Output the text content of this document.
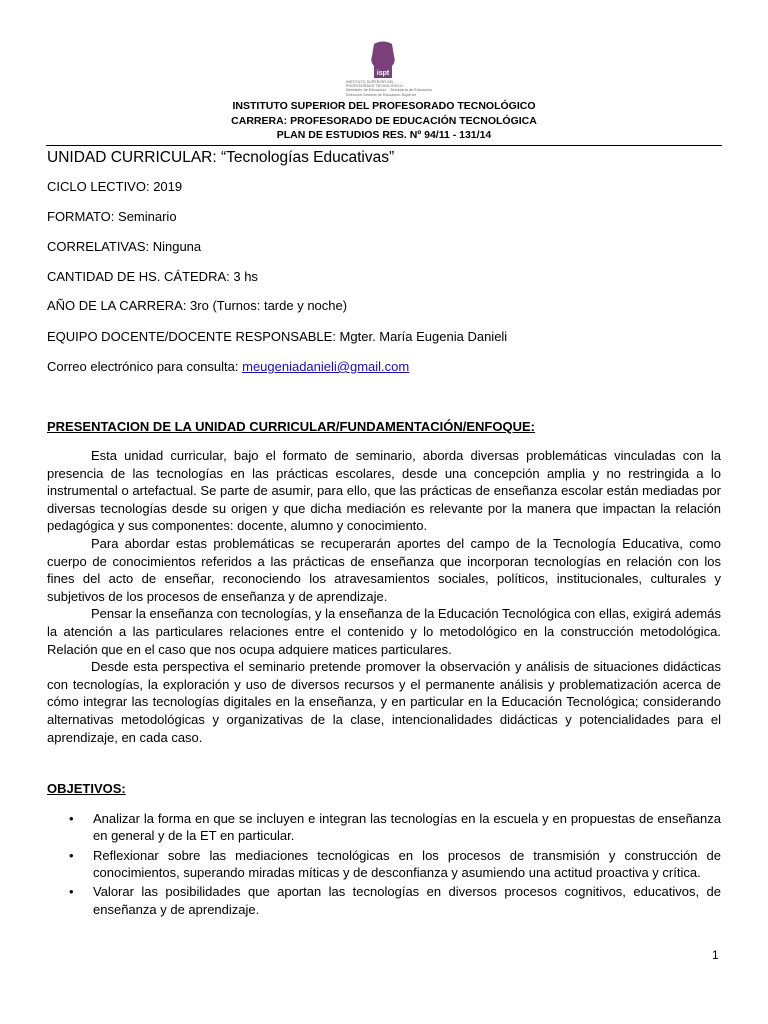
ispt
INSTITUTO SUPERIOR DEL
PROFESORADO TECNOLÓGICO
Ministerio de Educación · Secretaría de Educación
Dirección General de Educación Superior
INSTITUTO SUPERIOR DEL PROFESORADO TECNOLÓGICO
CARRERA: PROFESORADO DE EDUCACIÓN TECNOLÓGICA
PLAN DE ESTUDIOS RES. Nº 94/11 - 131/14
UNIDAD CURRICULAR: “Tecnologías Educativas”
CICLO LECTIVO: 2019
FORMATO: Seminario
CORRELATIVAS: Ninguna
CANTIDAD DE HS. CÁTEDRA: 3 hs
AÑO DE LA CARRERA: 3ro (Turnos: tarde y noche)
EQUIPO DOCENTE/DOCENTE RESPONSABLE: Mgter. María Eugenia Danieli
Correo electrónico para consulta: meugeniadanieli@gmail.com
PRESENTACION DE LA UNIDAD CURRICULAR/FUNDAMENTACIÓN/ENFOQUE:

Esta unidad curricular, bajo el formato de seminario, aborda diversas problemáticas vinculadas con la presencia de las tecnologías en las prácticas escolares, desde una concepción amplia y no restringida a lo instrumental o artefactual. Se parte de asumir, para ello, que las prácticas de enseñanza escolar están mediadas por diversas tecnologías desde su origen y que dicha mediación es relevante por la manera que impactan la relación pedagógica y sus componentes: docente, alumno y conocimiento.

Para abordar estas problemáticas se recuperarán aportes del campo de la Tecnología Educativa, como cuerpo de conocimientos referidos a las prácticas de enseñanza que incorporan tecnologías en relación con los fines del acto de enseñar, reconociendo los atravesamientos sociales, políticos, institucionales, culturales y subjetivos de los procesos de enseñanza y de aprendizaje.

Pensar la enseñanza con tecnologías, y la enseñanza de la Educación Tecnológica con ellas, exigirá además la atención a las particulares relaciones entre el contenido y lo metodológico en la construcción metodológica. Relación que en el caso que nos ocupa adquiere matices particulares.

Desde esta perspectiva el seminario pretende promover la observación y análisis de situaciones didácticas con tecnologías, la exploración y uso de diversos recursos y el permanente análisis y problematización acerca de cómo integrar las tecnologías digitales en la enseñanza, y en particular en la Educación Tecnológica; considerando alternativas metodológicas y organizativas de la clase, intencionalidades didácticas y potencialidades para el aprendizaje, en cada caso.

OBJETIVOS:
• Analizar la forma en que se incluyen e integran las tecnologías en la escuela y en propuestas de enseñanza en general y de la ET en particular.
• Reflexionar sobre las mediaciones tecnológicas en los procesos de transmisión y construcción de conocimientos, superando miradas míticas y de desconfianza y asumiendo una actitud proactiva y crítica.
• Valorar las posibilidades que aportan las tecnologías en diversos procesos cognitivos, educativos, de enseñanza y de aprendizaje.
1
